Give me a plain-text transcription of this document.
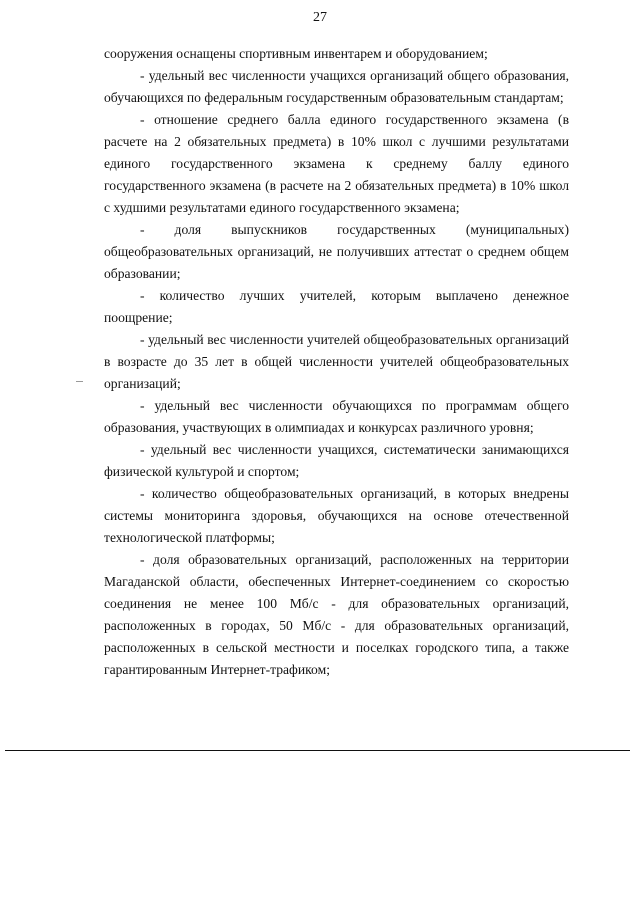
27

сооружения оснащены спортивным инвентарем и оборудованием;

- удельный вес численности учащихся организаций общего образования, обучающихся по федеральным государственным образовательным стандартам;

- отношение среднего балла единого государственного экзамена (в расчете на 2 обязательных предмета) в 10% школ с лучшими результатами единого государственного экзамена к среднему баллу единого государственного экзамена (в расчете на 2 обязательных предмета) в 10% школ с худшими результатами единого государственного экзамена;

- доля выпускников государственных (муниципальных) общеобразовательных организаций, не получивших аттестат о среднем общем образовании;

- количество лучших учителей, которым выплачено денежное поощрение;

- удельный вес численности учителей общеобразовательных организаций в возрасте до 35 лет в общей численности учителей общеобразовательных организаций;

- удельный вес численности обучающихся по программам общего образования, участвующих в олимпиадах и конкурсах различного уровня;

- удельный вес численности учащихся, систематически занимающихся физической культурой и спортом;

- количество общеобразовательных организаций, в которых внедрены системы мониторинга здоровья, обучающихся на основе отечественной технологической платформы;

- доля образовательных организаций, расположенных на территории Магаданской области, обеспеченных Интернет-соединением со скоростью соединения не менее 100 Мб/с - для образовательных организаций, расположенных в городах, 50 Мб/с - для образовательных организаций, расположенных в сельской местности и поселках городского типа, а также гарантированным Интернет-трафиком;
